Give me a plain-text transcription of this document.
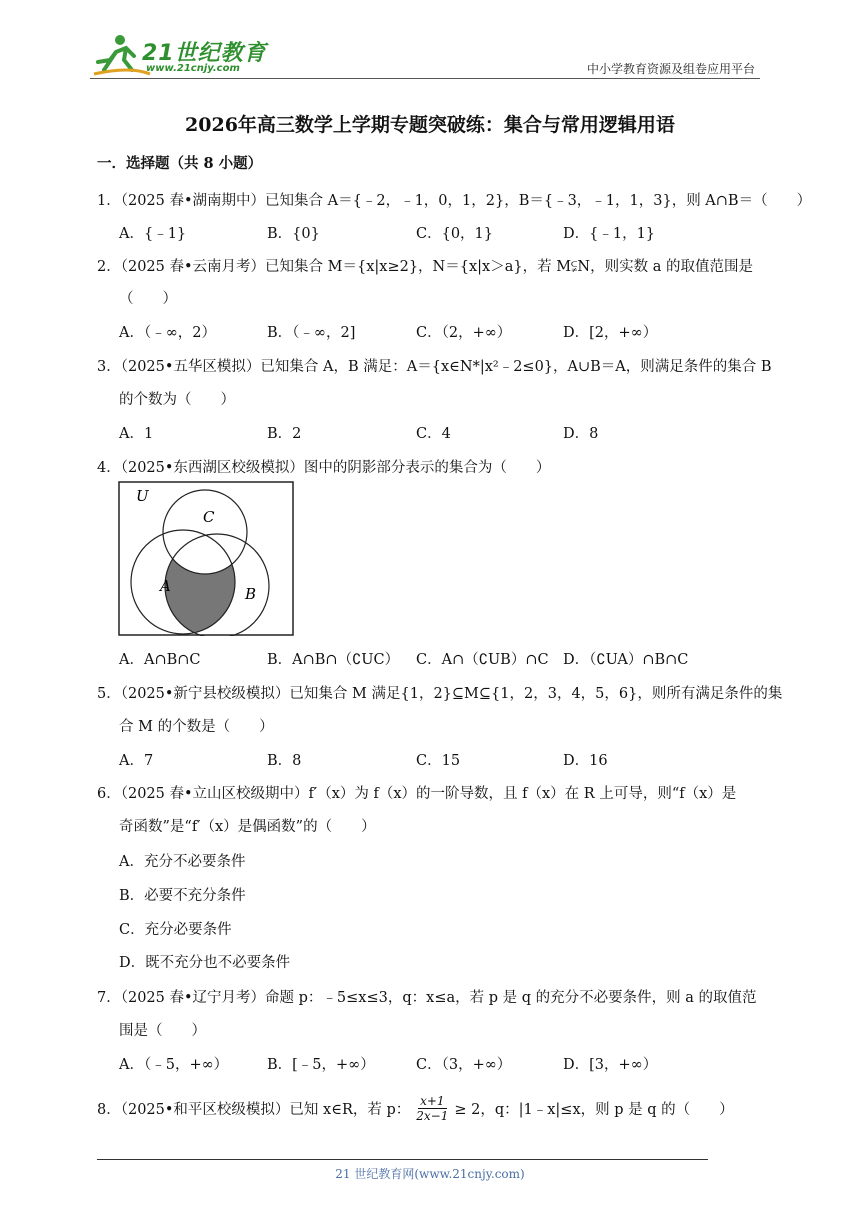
21世纪教育
www.21cnjy.com	中小学教育资源及组卷应用平台
2026年高三数学上学期专题突破练：集合与常用逻辑用语
一．选择题（共 8 小题）
1．（2025 春•湖南期中）已知集合 A＝{﹣2，﹣1，0，1，2}，B＝{﹣3，﹣1，1，3}，则 A∩B＝（　　）
A．{﹣1}	B．{0}	C．{0，1}	D．{﹣1，1}
2．（2025 春•云南月考）已知集合 M＝{x|x≥2}，N＝{x|x＞a}，若 M⫋N，则实数 a 的取值范围是
（　　）
A．（﹣∞，2）	B．（﹣∞，2]	C．（2，+∞）	D．[2，+∞）
3．（2025•五华区模拟）已知集合 A，B 满足：A＝{x∈N*|x²﹣2≤0}，A∪B＝A，则满足条件的集合 B
的个数为（　　）
A．1	B．2	C．4	D．8
4．（2025•东西湖区校级模拟）图中的阴影部分表示的集合为（　　）
U
C
A	B
A．A∩B∩C	B．A∩B∩（∁UC） C．A∩（∁UB）∩C D．（∁UA）∩B∩C
5．（2025•新宁县校级模拟）已知集合 M 满足{1，2}⊆M⊆{1，2，3，4，5，6}，则所有满足条件的集
合 M 的个数是（　　）
A．7	B．8	C．15	D．16
6．（2025 春•立山区校级期中）f′（x）为 f（x）的一阶导数，且 f（x）在 R 上可导，则“f（x）是
奇函数”是“f′（x）是偶函数”的（　　）
A．充分不必要条件
B．必要不充分条件
C．充分必要条件
D．既不充分也不必要条件
7．（2025 春•辽宁月考）命题 p：﹣5≤x≤3，q：x≤a，若 p 是 q 的充分不必要条件，则 a 的取值范
围是（　　）
A．（﹣5，+∞）	B．[﹣5，+∞）	C．（3，+∞）	D．[3，+∞）
8．（2025•和平区校级模拟）已知 x∈R，若 p： $\frac{x+1}{2x-1} \ge 2$，q：|1﹣x|≤x，则 p 是 q 的（　　）
21 世纪教育网(www.21cnjy.com)
